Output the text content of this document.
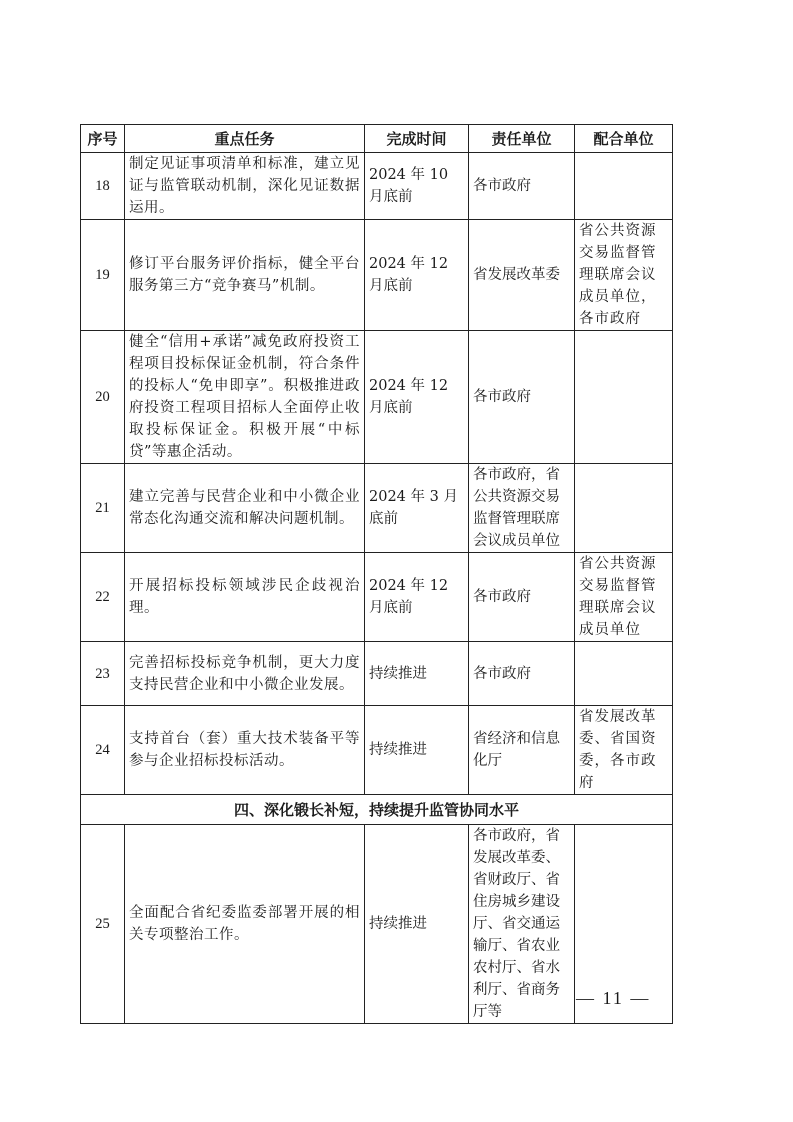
序号	重点任务	完成时间	责任单位	配合单位
18	制定见证事项清单和标准，建立见证与监管联动机制，深化见证数据运用。	2024 年 10 月底前	各市政府	
19	修订平台服务评价指标，健全平台服务第三方“竞争赛马”机制。	2024 年 12 月底前	省发展改革委	省公共资源交易监督管理联席会议成员单位，各市政府
20	健全“信用+承诺”减免政府投资工程项目投标保证金机制，符合条件的投标人“免申即享”。积极推进政府投资工程项目招标人全面停止收取投标保证金。积极开展“中标贷”等惠企活动。	2024 年 12 月底前	各市政府	
21	建立完善与民营企业和中小微企业常态化沟通交流和解决问题机制。	2024 年 3 月底前	各市政府，省公共资源交易监督管理联席会议成员单位	
22	开展招标投标领域涉民企歧视治理。	2024 年 12 月底前	各市政府	省公共资源交易监督管理联席会议成员单位
23	完善招标投标竞争机制，更大力度支持民营企业和中小微企业发展。	持续推进	各市政府	
24	支持首台（套）重大技术装备平等参与企业招标投标活动。	持续推进	省经济和信息化厅	省发展改革委、省国资委，各市政府
四、深化锻长补短，持续提升监管协同水平				
25	全面配合省纪委监委部署开展的相关专项整治工作。	持续推进	各市政府，省发展改革委、省财政厅、省住房城乡建设厅、省交通运输厅、省农业农村厅、省水利厅、省商务厅等	
— 11 —
